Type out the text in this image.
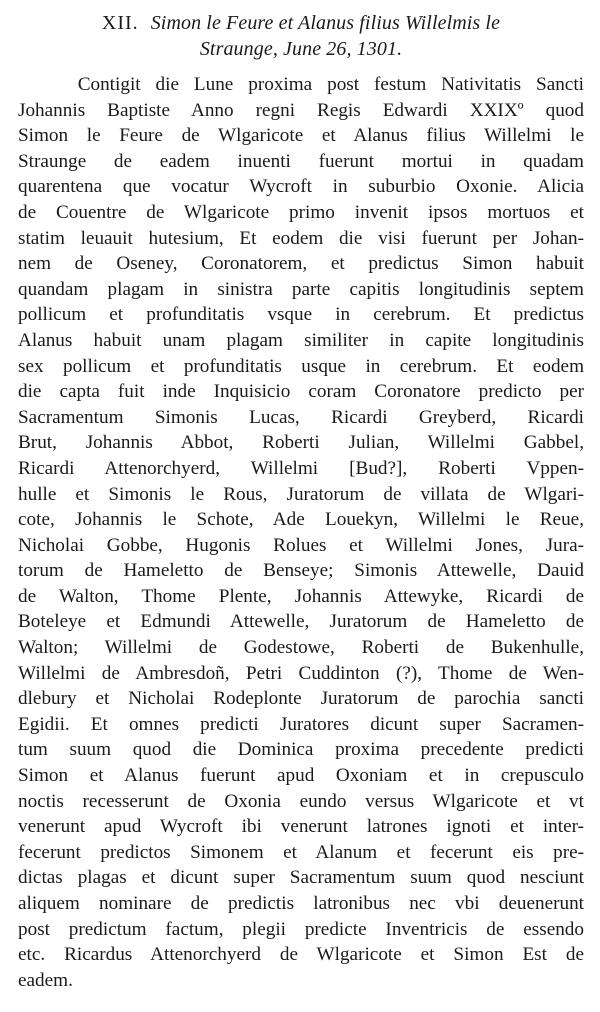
XII. Simon le Feure et Alanus filius Willelmis le
Straunge, June 26, 1301.
Contigit die Lune proxima post festum Nativitatis Sancti
Johannis Baptiste Anno regni Regis Edwardi XXIXº quod
Simon le Feure de Wlgaricote et Alanus filius Willelmi le
Straunge de eadem inuenti fuerunt mortui in quadam
quarentena que vocatur Wycroft in suburbio Oxonie. Alicia
de Couentre de Wlgaricote primo invenit ipsos mortuos et
statim leuauit hutesium, Et eodem die visi fuerunt per Johan-
nem de Oseney, Coronatorem, et predictus Simon habuit
quandam plagam in sinistra parte capitis longitudinis septem
pollicum et profunditatis vsque in cerebrum. Et predictus
Alanus habuit unam plagam similiter in capite longitudinis
sex pollicum et profunditatis usque in cerebrum. Et eodem
die capta fuit inde Inquisicio coram Coronatore predicto per
Sacramentum Simonis Lucas, Ricardi Greyberd, Ricardi
Brut, Johannis Abbot, Roberti Julian, Willelmi Gabbel,
Ricardi Attenorchyerd, Willelmi [Bud?], Roberti Vppen-
hulle et Simonis le Rous, Juratorum de villata de Wlgari-
cote, Johannis le Schote, Ade Louekyn, Willelmi le Reue,
Nicholai Gobbe, Hugonis Rolues et Willelmi Jones, Jura-
torum de Hameletto de Benseye; Simonis Attewelle, Dauid
de Walton, Thome Plente, Johannis Attewyke, Ricardi de
Boteleye et Edmundi Attewelle, Juratorum de Hameletto de
Walton; Willelmi de Godestowe, Roberti de Bukenhulle,
Willelmi de Ambresdoñ, Petri Cuddinton (?), Thome de Wen-
dlebury et Nicholai Rodeplonte Juratorum de parochia sancti
Egidii. Et omnes predicti Juratores dicunt super Sacramen-
tum suum quod die Dominica proxima precedente predicti
Simon et Alanus fuerunt apud Oxoniam et in crepusculo
noctis recesserunt de Oxonia eundo versus Wlgaricote et vt
venerunt apud Wycroft ibi venerunt latrones ignoti et inter-
fecerunt predictos Simonem et Alanum et fecerunt eis pre-
dictas plagas et dicunt super Sacramentum suum quod nesciunt
aliquem nominare de predictis latronibus nec vbi deuenerunt
post predictum factum, plegii predicte Inventricis de essendo
etc. Ricardus Attenorchyerd de Wlgaricote et Simon Est de
eadem.
